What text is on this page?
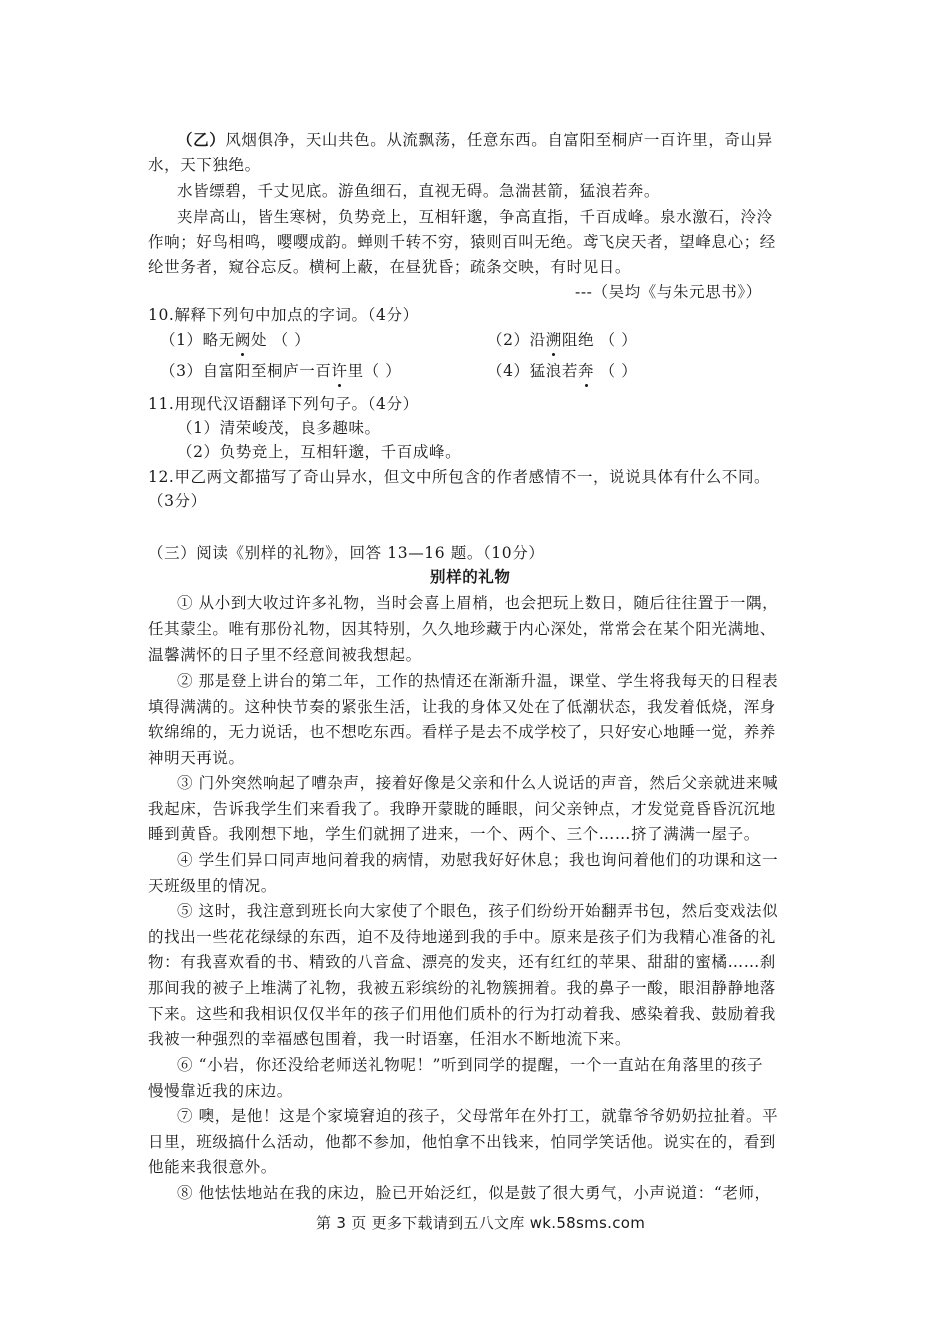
（乙）风烟俱净，天山共色。从流飘荡，任意东西。自富阳至桐庐一百许里，奇山异
水，天下独绝。
水皆缥碧，千丈见底。游鱼细石，直视无碍。急湍甚箭，猛浪若奔。
夹岸高山，皆生寒树，负势竞上，互相轩邈，争高直指，千百成峰。泉水激石，泠泠
作响；好鸟相鸣，嘤嘤成韵。蝉则千转不穷，猿则百叫无绝。鸢飞戾天者，望峰息心；经
纶世务者，窥谷忘反。横柯上蔽，在昼犹昏；疏条交映，有时见日。
---（吴均《与朱元思书》）
10.解释下列句中加点的字词。（4分）
（1）略无阙处 （ ）	（2）沿溯阻绝 （ ）
（3）自富阳至桐庐一百许里（ ）	（4）猛浪若奔 （ ）
11.用现代汉语翻译下列句子。（4分）
（1）清荣峻茂，良多趣味。
（2）负势竞上，互相轩邈，千百成峰。
12.甲乙两文都描写了奇山异水，但文中所包含的作者感情不一，说说具体有什么不同。
（3分）
（三）阅读《别样的礼物》，回答 13—16 题。（10分）
别样的礼物
① 从小到大收过许多礼物，当时会喜上眉梢，也会把玩上数日，随后往往置于一隅，
任其蒙尘。唯有那份礼物，因其特别，久久地珍藏于内心深处，常常会在某个阳光满地、
温馨满怀的日子里不经意间被我想起。
② 那是登上讲台的第二年，工作的热情还在渐渐升温，课堂、学生将我每天的日程表
填得满满的。这种快节奏的紧张生活，让我的身体又处在了低潮状态，我发着低烧，浑身
软绵绵的，无力说话，也不想吃东西。看样子是去不成学校了，只好安心地睡一觉，养养
神明天再说。
③ 门外突然响起了嘈杂声，接着好像是父亲和什么人说话的声音，然后父亲就进来喊
我起床，告诉我学生们来看我了。我睁开蒙眬的睡眼，问父亲钟点，才发觉竟昏昏沉沉地
睡到黄昏。我刚想下地，学生们就拥了进来，一个、两个、三个……挤了满满一屋子。
④ 学生们异口同声地问着我的病情，劝慰我好好休息；我也询问着他们的功课和这一
天班级里的情况。
⑤ 这时，我注意到班长向大家使了个眼色，孩子们纷纷开始翻弄书包，然后变戏法似
的找出一些花花绿绿的东西，迫不及待地递到我的手中。原来是孩子们为我精心准备的礼
物：有我喜欢看的书、精致的八音盒、漂亮的发夹，还有红红的苹果、甜甜的蜜橘……刹
那间我的被子上堆满了礼物，我被五彩缤纷的礼物簇拥着。我的鼻子一酸，眼泪静静地落
下来。这些和我相识仅仅半年的孩子们用他们质朴的行为打动着我、感染着我、鼓励着我
我被一种强烈的幸福感包围着，我一时语塞，任泪水不断地流下来。
⑥ “小岩，你还没给老师送礼物呢！”听到同学的提醒，一个一直站在角落里的孩子
慢慢靠近我的床边。
⑦ 噢，是他！这是个家境窘迫的孩子，父母常年在外打工，就靠爷爷奶奶拉扯着。平
日里，班级搞什么活动，他都不参加，他怕拿不出钱来，怕同学笑话他。说实在的，看到
他能来我很意外。
⑧ 他怯怯地站在我的床边，脸已开始泛红，似是鼓了很大勇气，小声说道：“老师，
第 3 页 更多下载请到五八文库 wk.58sms.com
